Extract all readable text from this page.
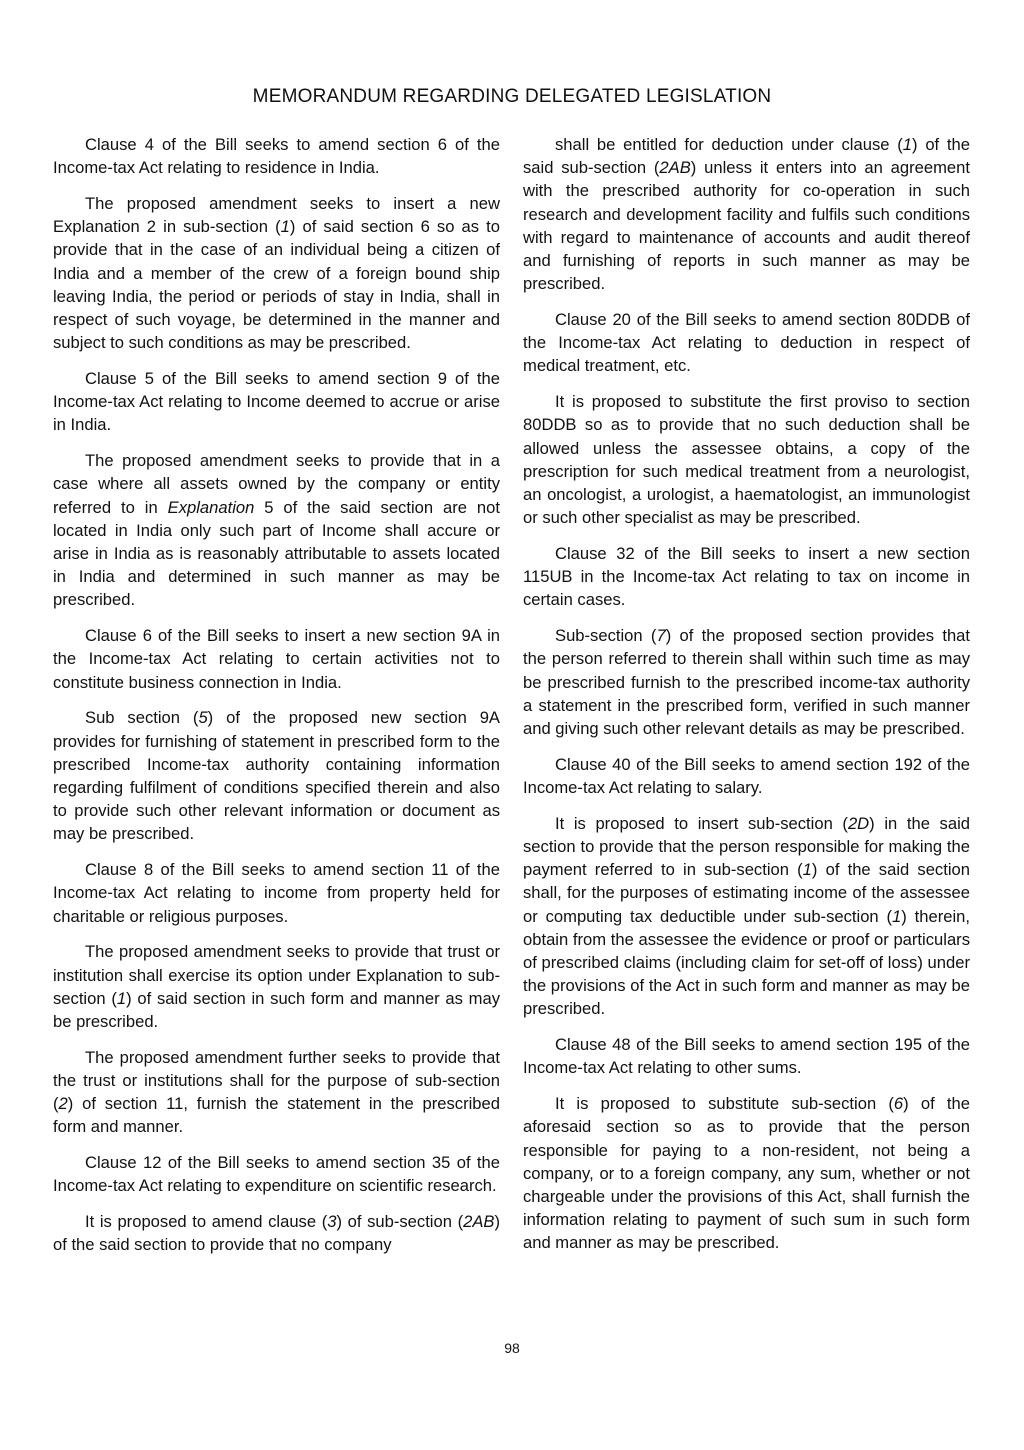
MEMORANDUM REGARDING DELEGATED LEGISLATION

Clause 4 of the Bill seeks to amend section 6 of the Income-tax Act relating to residence in India.

The proposed amendment seeks to insert a new Explanation 2 in sub-section (1) of said section 6 so as to provide that in the case of an individual being a citizen of India and a member of the crew of a foreign bound ship leaving India, the period or periods of stay in India, shall in respect of such voyage, be determined in the manner and subject to such conditions as may be prescribed.

Clause 5 of the Bill seeks to amend section 9 of the Income-tax Act relating to Income deemed to accrue or arise in India.

The proposed amendment seeks to provide that in a case where all assets owned by the company or entity referred to in Explanation 5 of the said section are not located in India only such part of Income shall accure or arise in India as is reasonably attributable to assets located in India and determined in such manner as may be prescribed.

Clause 6 of the Bill seeks to insert a new section 9A in the Income-tax Act relating to certain activities not to constitute business connection in India.

Sub section (5) of the proposed new section 9A provides for furnishing of statement in prescribed form to the prescribed Income-tax authority containing information regarding fulfilment of conditions specified therein and also to provide such other relevant information or document as may be prescribed.

Clause 8 of the Bill seeks to amend section 11 of the Income-tax Act relating to income from property held for charitable or religious purposes.

The proposed amendment seeks to provide that trust or institution shall exercise its option under Explanation to sub-section (1) of said section in such form and manner as may be prescribed.

The proposed amendment further seeks to provide that the trust or institutions shall for the purpose of sub-section (2) of section 11, furnish the statement in the prescribed form and manner.

Clause 12 of the Bill seeks to amend section 35 of the Income-tax Act relating to expenditure on scientific research.

It is proposed to amend clause (3) of sub-section (2AB) of the said section to provide that no company

shall be entitled for deduction under clause (1) of the said sub-section (2AB) unless it enters into an agreement with the prescribed authority for co-operation in such research and development facility and fulfils such conditions with regard to maintenance of accounts and audit thereof and furnishing of reports in such manner as may be prescribed.

Clause 20 of the Bill seeks to amend section 80DDB of the Income-tax Act relating to deduction in respect of medical treatment, etc.

It is proposed to substitute the first proviso to section 80DDB so as to provide that no such deduction shall be allowed unless the assessee obtains, a copy of the prescription for such medical treatment from a neurologist, an oncologist, a urologist, a haematologist, an immunologist or such other specialist as may be prescribed.

Clause 32 of the Bill seeks to insert a new section 115UB in the Income-tax Act relating to tax on income in certain cases.

Sub-section (7) of the proposed section provides that the person referred to therein shall within such time as may be prescribed furnish to the prescribed income-tax authority a statement in the prescribed form, verified in such manner and giving such other relevant details as may be prescribed.

Clause 40 of the Bill seeks to amend section 192 of the Income-tax Act relating to salary.

It is proposed to insert sub-section (2D) in the said section to provide that the person responsible for making the payment referred to in sub-section (1) of the said section shall, for the purposes of estimating income of the assessee or computing tax deductible under sub-section (1) therein, obtain from the assessee the evidence or proof or particulars of prescribed claims (including claim for set-off of loss) under the provisions of the Act in such form and manner as may be prescribed.

Clause 48 of the Bill seeks to amend section 195 of the Income-tax Act relating to other sums.

It is proposed to substitute sub-section (6) of the aforesaid section so as to provide that the person responsible for paying to a non-resident, not being a company, or to a foreign company, any sum, whether or not chargeable under the provisions of this Act, shall furnish the information relating to payment of such sum in such form and manner as may be prescribed.

98
